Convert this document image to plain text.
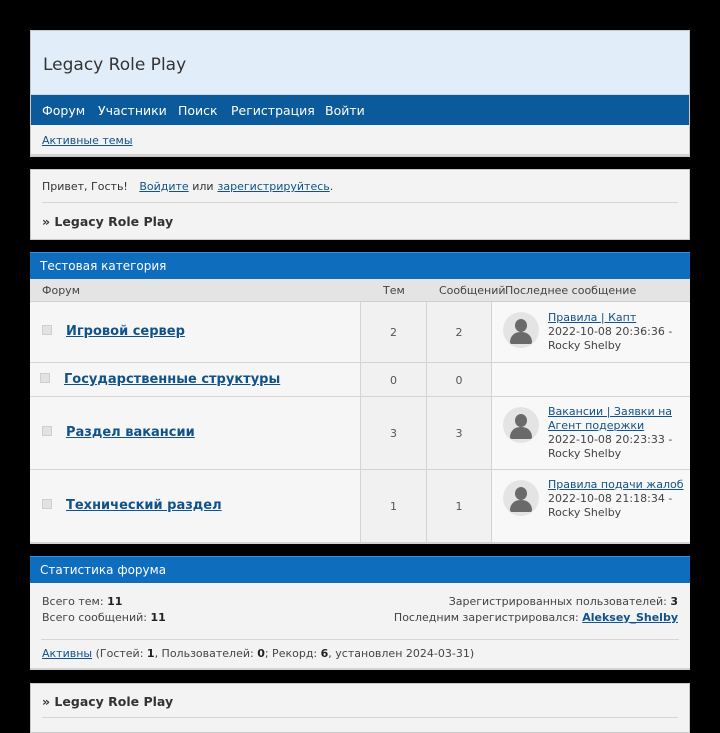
Legacy Role Play
Форум Участники Поиск Регистрация Войти
Активные темы
Привет, Гость! Войдите или зарегистрируйтесь.
» Legacy Role Play
Тестовая категория
Форум	Тем	Сообщений Последнее сообщение
Игровой сервер	2	2
Правила | Капт
2022-10-08 20:36:36 -
Rocky Shelby
Государственные структуры	0	0
Раздел вакансии	3	3
Вакансии | Заявки на Агент подержки
2022-10-08 20:23:33 -
Rocky Shelby
Технический раздел	1	1
Правила подачи жалоб
2022-10-08 21:18:34 -
Rocky Shelby
Статистика форума
Всего тем: 11
Всего сообщений: 11
Зарегистрированных пользователей: 3
Последним зарегистрировался: Aleksey_Shelby
Активны (Гостей: 1, Пользователей: 0; Рекорд: 6, установлен 2024-03-31)
» Legacy Role Play
